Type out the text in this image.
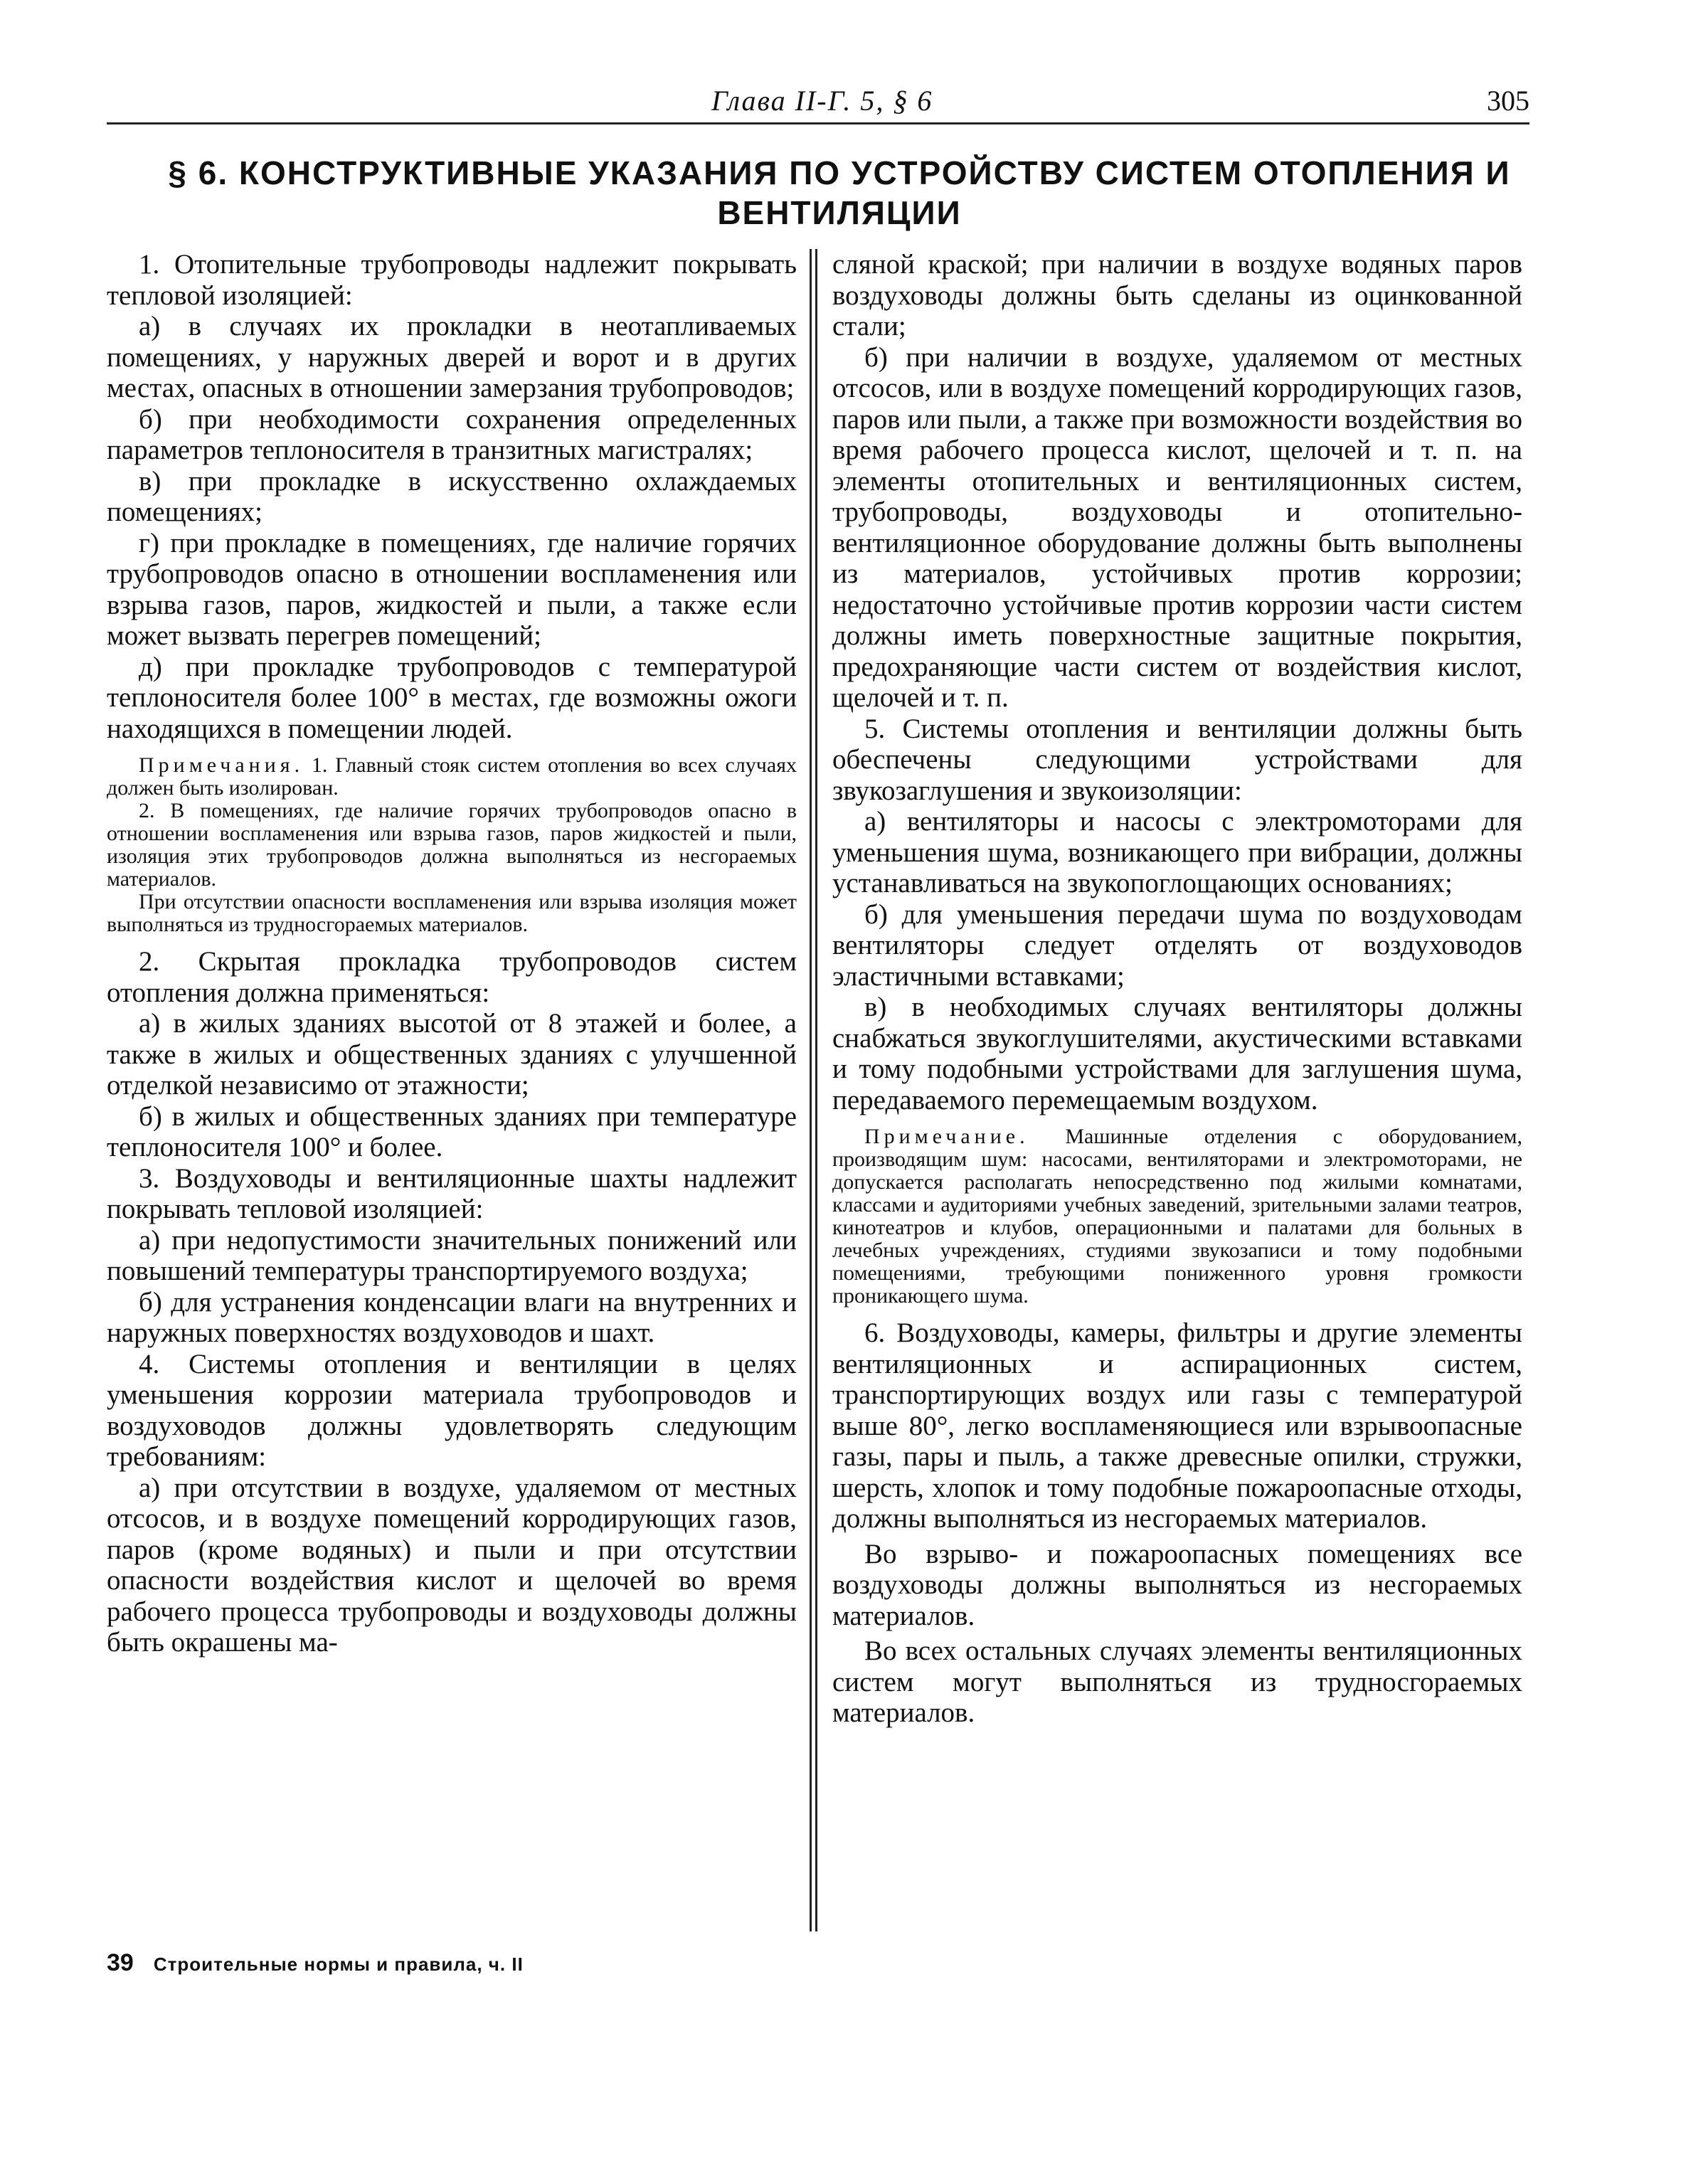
Глава II-Г. 5, § 6	305
§ 6. КОНСТРУКТИВНЫЕ УКАЗАНИЯ ПО УСТРОЙСТВУ СИСТЕМ ОТОПЛЕНИЯ И ВЕНТИЛЯЦИИ

1. Отопительные трубопроводы надлежит покрывать тепловой изоляцией:

а) в случаях их прокладки в неотапливаемых помещениях, у наружных дверей и ворот и в других местах, опасных в отношении замерзания трубопроводов;

б) при необходимости сохранения определенных параметров теплоносителя в транзитных магистралях;

в) при прокладке в искусственно охлаждаемых помещениях;

г) при прокладке в помещениях, где наличие горячих трубопроводов опасно в отношении воспламенения или взрыва газов, паров, жидкостей и пыли, а также если может вызвать перегрев помещений;

д) при прокладке трубопроводов с температурой теплоносителя более 100° в местах, где возможны ожоги находящихся в помещении людей.

Примечания. 1. Главный стояк систем отопления во всех случаях должен быть изолирован.

2. В помещениях, где наличие горячих трубопроводов опасно в отношении воспламенения или взрыва газов, паров жидкостей и пыли, изоляция этих трубопроводов должна выполняться из несгораемых материалов.

При отсутствии опасности воспламенения или взрыва изоляция может выполняться из трудносгораемых материалов.

2. Скрытая прокладка трубопроводов систем отопления должна применяться:

а) в жилых зданиях высотой от 8 этажей и более, а также в жилых и общественных зданиях с улучшенной отделкой независимо от этажности;

б) в жилых и общественных зданиях при температуре теплоносителя 100° и более.

3. Воздуховоды и вентиляционные шахты надлежит покрывать тепловой изоляцией:

а) при недопустимости значительных понижений или повышений температуры транспортируемого воздуха;

б) для устранения конденсации влаги на внутренних и наружных поверхностях воздуховодов и шахт.

4. Системы отопления и вентиляции в целях уменьшения коррозии материала трубопроводов и воздуховодов должны удовлетворять следующим требованиям:

а) при отсутствии в воздухе, удаляемом от местных отсосов, и в воздухе помещений корродирующих газов, паров (кроме водяных) и пыли и при отсутствии опасности воздействия кислот и щелочей во время рабочего процесса трубопроводы и воздуховоды должны быть окрашены ма-

сляной краской; при наличии в воздухе водяных паров воздуховоды должны быть сделаны из оцинкованной стали;

б) при наличии в воздухе, удаляемом от местных отсосов, или в воздухе помещений корродирующих газов, паров или пыли, а также при возможности воздействия во время рабочего процесса кислот, щелочей и т. п. на элементы отопительных и вентиляционных систем, трубопроводы, воздуховоды и отопительно-вентиляционное оборудование должны быть выполнены из материалов, устойчивых против коррозии; недостаточно устойчивые против коррозии части систем должны иметь поверхностные защитные покрытия, предохраняющие части систем от воздействия кислот, щелочей и т. п.

5. Системы отопления и вентиляции должны быть обеспечены следующими устройствами для звукозаглушения и звукоизоляции:

а) вентиляторы и насосы с электромоторами для уменьшения шума, возникающего при вибрации, должны устанавливаться на звукопоглощающих основаниях;

б) для уменьшения передачи шума по воздуховодам вентиляторы следует отделять от воздуховодов эластичными вставками;

в) в необходимых случаях вентиляторы должны снабжаться звукоглушителями, акустическими вставками и тому подобными устройствами для заглушения шума, передаваемого перемещаемым воздухом.

Примечание. Машинные отделения с оборудованием, производящим шум: насосами, вентиляторами и электромоторами, не допускается располагать непосредственно под жилыми комнатами, классами и аудиториями учебных заведений, зрительными залами театров, кинотеатров и клубов, операционными и палатами для больных в лечебных учреждениях, студиями звукозаписи и тому подобными помещениями, требующими пониженного уровня громкости проникающего шума.

6. Воздуховоды, камеры, фильтры и другие элементы вентиляционных и аспирационных систем, транспортирующих воздух или газы с температурой выше 80°, легко воспламеняющиеся или взрывоопасные газы, пары и пыль, а также древесные опилки, стружки, шерсть, хлопок и тому подобные пожароопасные отходы, должны выполняться из несгораемых материалов.

Во взрыво- и пожароопасных помещениях все воздуховоды должны выполняться из несгораемых материалов.

Во всех остальных случаях элементы вентиляционных систем могут выполняться из трудносгораемых материалов.

39 Строительные нормы и правила, ч. II
